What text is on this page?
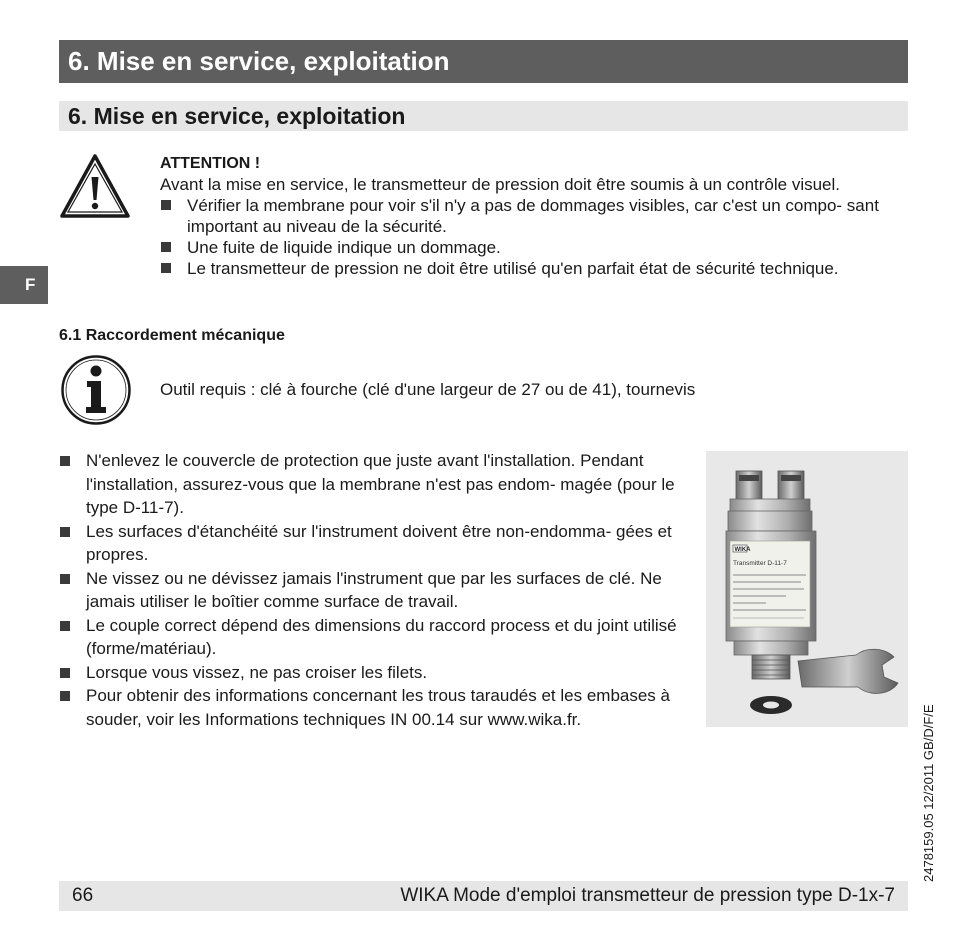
6. Mise en service, exploitation
6. Mise en service, exploitation
F
ATTENTION !
Avant la mise en service, le transmetteur de pression doit être soumis à un contrôle visuel.
Vérifier la membrane pour voir s'il n'y a pas de dommages visibles, car c'est un compo- sant important au niveau de la sécurité.
Une fuite de liquide indique un dommage.
Le transmetteur de pression ne doit être utilisé qu'en parfait état de sécurité technique.
6.1 Raccordement mécanique
Outil requis : clé à fourche (clé d'une largeur de 27 ou de 41), tournevis
N'enlevez le couvercle de protection que juste avant l'installation. Pendant l'installation, assurez-vous que la membrane n'est pas endom- magée (pour le type D-11-7).
Les surfaces d'étanchéité sur l'instrument doivent être non-endomma- gées et propres.
Ne vissez ou ne dévissez jamais l'instrument que par les surfaces de clé. Ne jamais utiliser le boîtier comme surface de travail.
Le couple correct dépend des dimensions du raccord process et du joint utilisé (forme/matériau).
Lorsque vous vissez, ne pas croiser les filets.
Pour obtenir des informations concernant les trous taraudés et les embases à souder, voir les Informations techniques IN 00.14 sur www.wika.fr.
WIKA
Transmitter D-11-7
66	WIKA Mode d'emploi transmetteur de pression type D-1x-7
2478159.05 12/2011 GB/D/F/E
